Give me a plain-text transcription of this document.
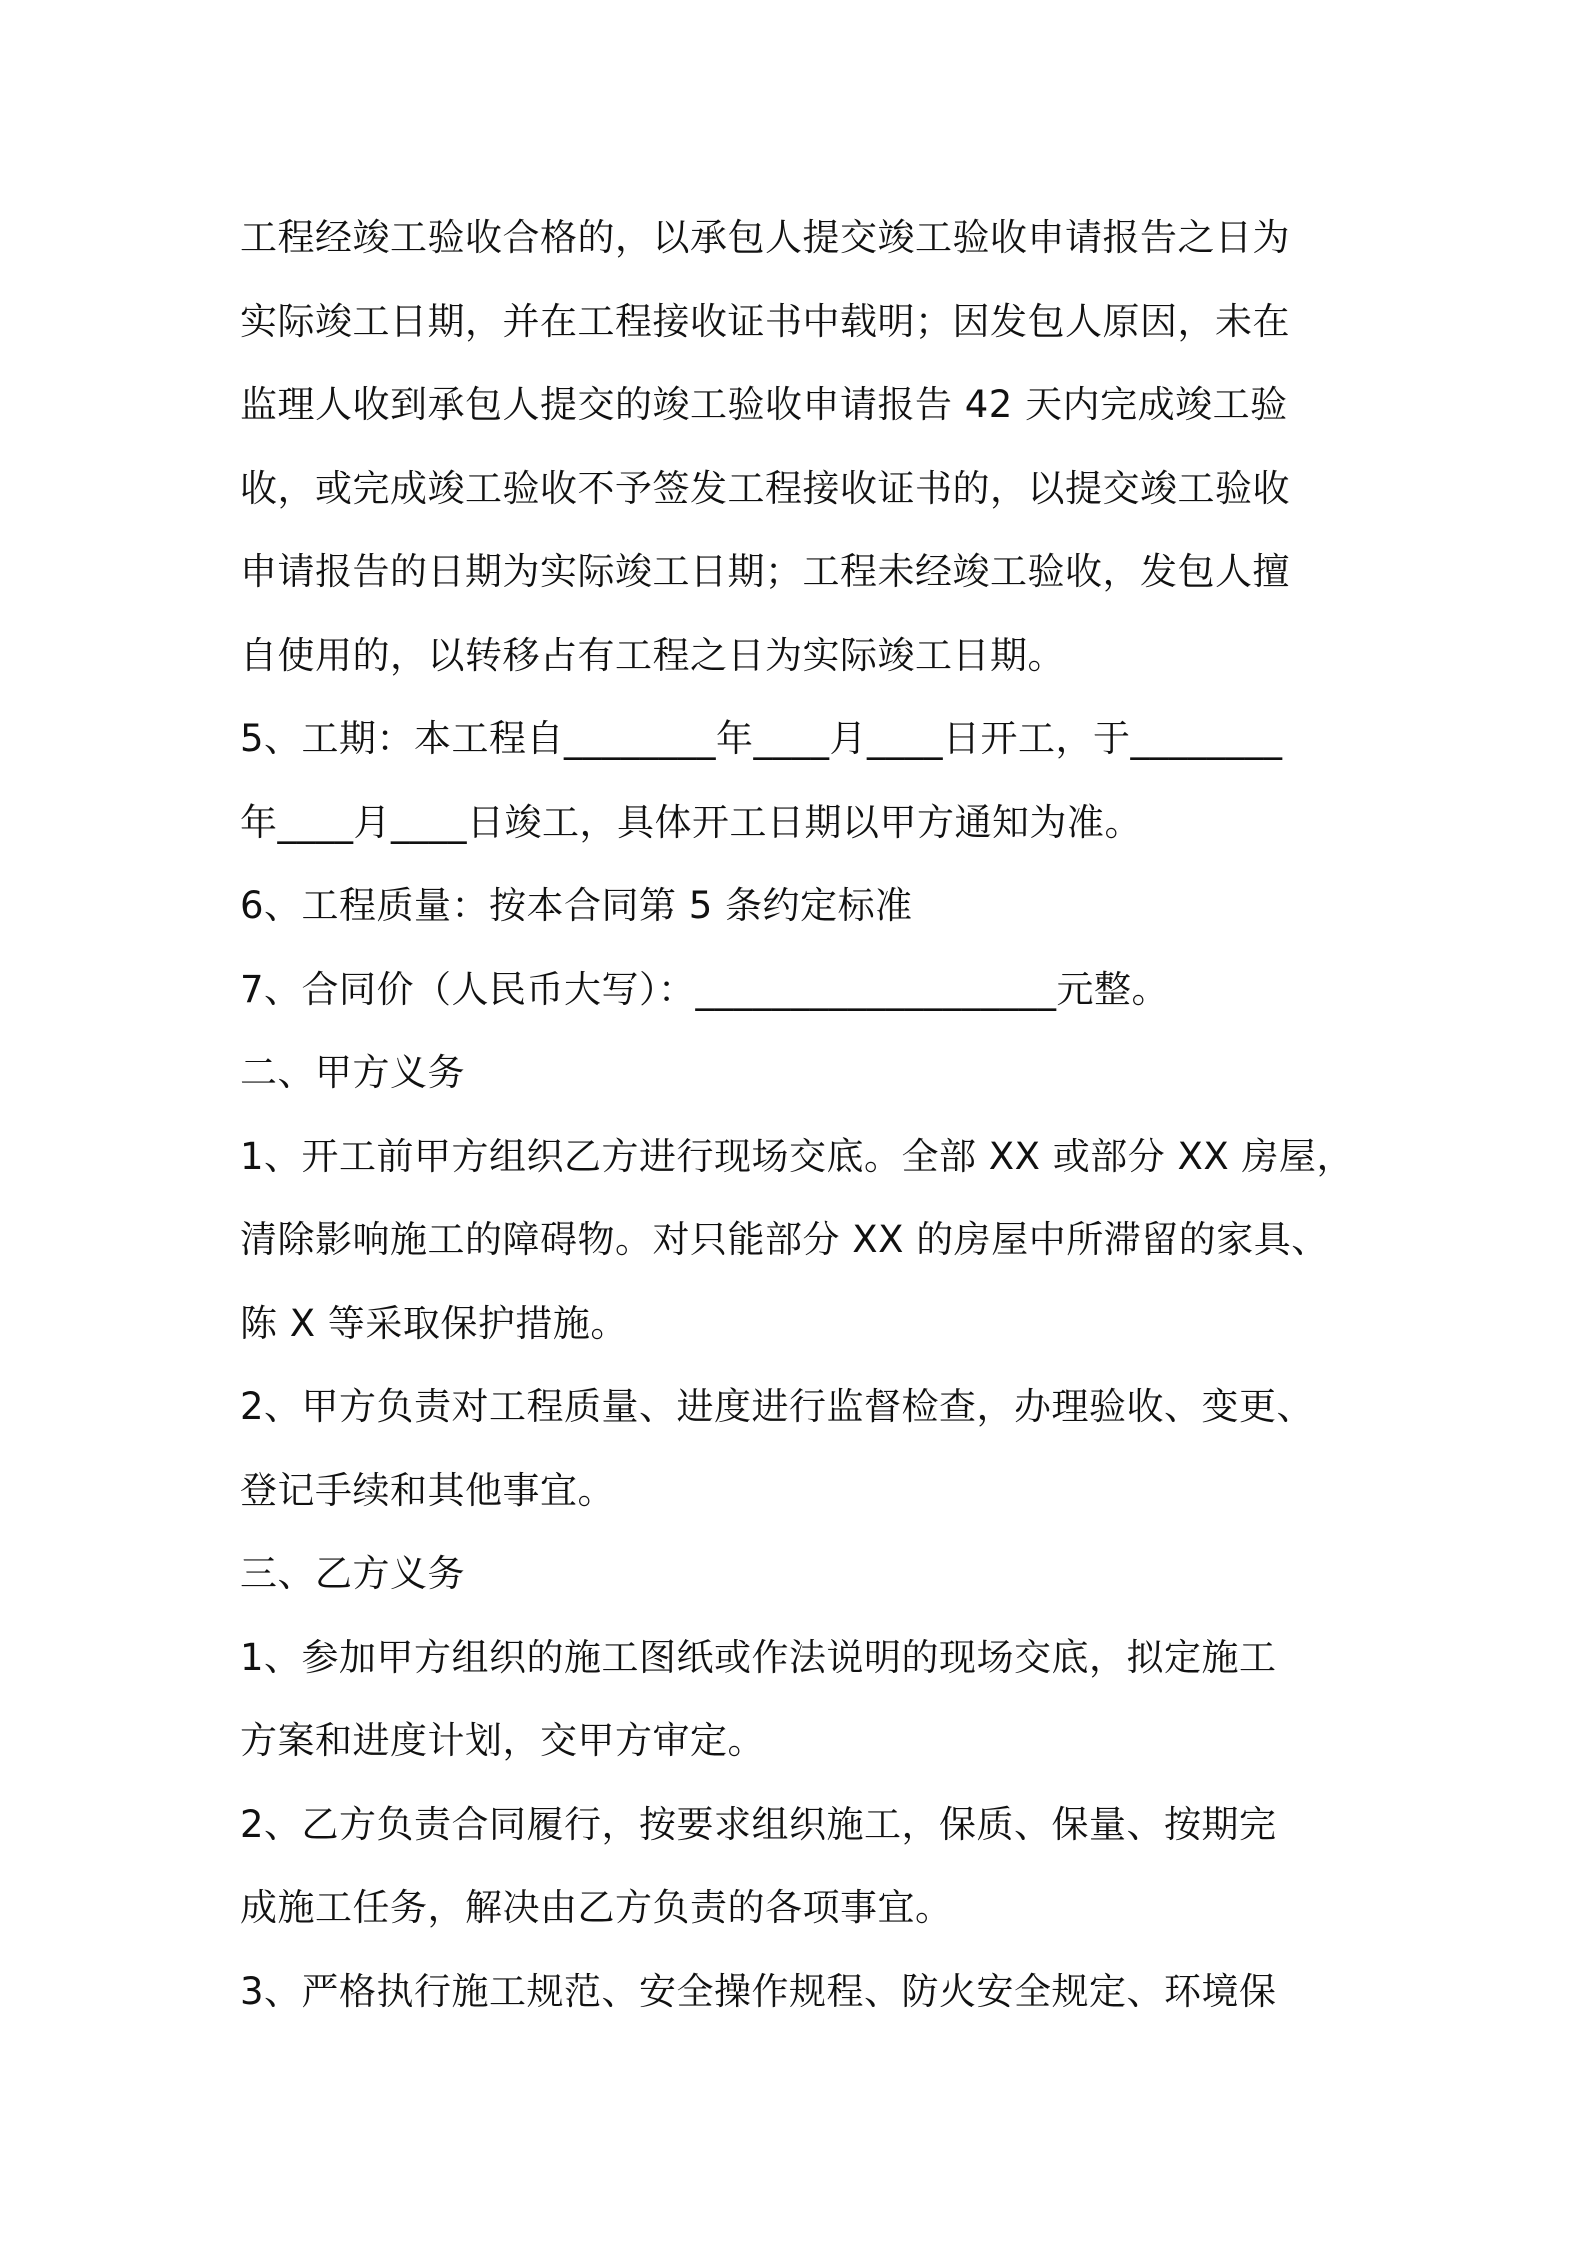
工程经竣工验收合格的，以承包人提交竣工验收申请报告之日为
实际竣工日期，并在工程接收证书中载明；因发包人原因，未在
监理人收到承包人提交的竣工验收申请报告 42 天内完成竣工验
收，或完成竣工验收不予签发工程接收证书的，以提交竣工验收
申请报告的日期为实际竣工日期；工程未经竣工验收，发包人擅
自使用的，以转移占有工程之日为实际竣工日期。
5、工期：本工程自________年____月____日开工，于________
年____月____日竣工，具体开工日期以甲方通知为准。
6、工程质量：按本合同第 5 条约定标准
7、合同价（人民币大写）：___________________元整。
二、甲方义务
1、开工前甲方组织乙方进行现场交底。全部 XX 或部分 XX 房屋，
清除影响施工的障碍物。对只能部分 XX 的房屋中所滞留的家具、
陈 X 等采取保护措施。
2、甲方负责对工程质量、进度进行监督检查，办理验收、变更、
登记手续和其他事宜。
三、乙方义务
1、参加甲方组织的施工图纸或作法说明的现场交底，拟定施工
方案和进度计划，交甲方审定。
2、乙方负责合同履行，按要求组织施工，保质、保量、按期完
成施工任务，解决由乙方负责的各项事宜。
3、严格执行施工规范、安全操作规程、防火安全规定、环境保
